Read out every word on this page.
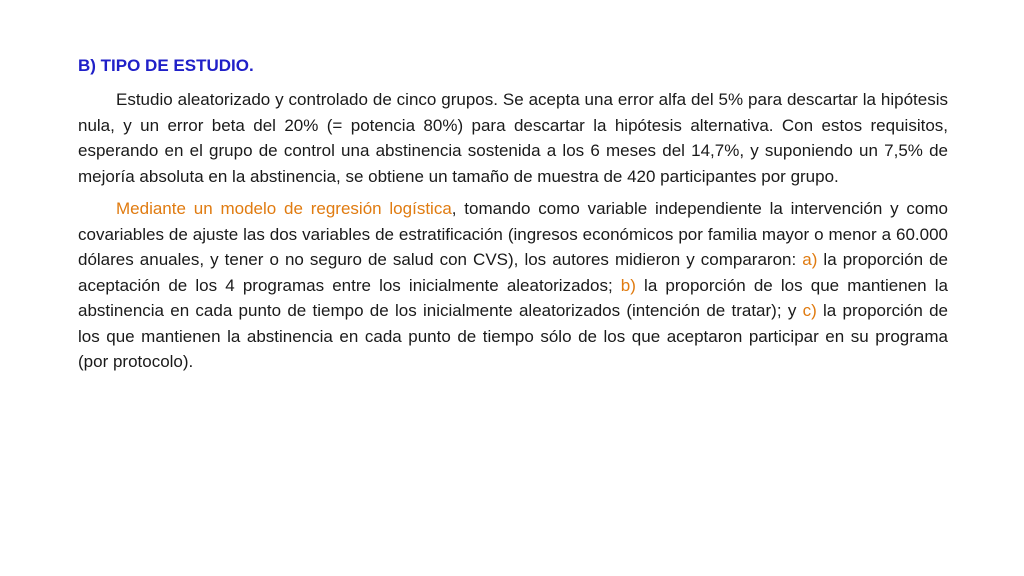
B) TIPO DE ESTUDIO.

Estudio aleatorizado y controlado de cinco grupos. Se acepta una error alfa del 5% para descartar la hipótesis nula, y un error beta del 20% (= potencia 80%) para descartar la hipótesis alternativa. Con estos requisitos, esperando en el grupo de control una abstinencia sostenida a los 6 meses del 14,7%, y suponiendo un 7,5% de mejoría absoluta en la abstinencia, se obtiene un tamaño de muestra de 420 participantes por grupo.

Mediante un modelo de regresión logística, tomando como variable independiente la intervención y como covariables de ajuste las dos variables de estratificación (ingresos económicos por familia mayor o menor a 60.000 dólares anuales, y tener o no seguro de salud con CVS), los autores midieron y compararon: a) la proporción de aceptación de los 4 programas entre los inicialmente aleatorizados; b) la proporción de los que mantienen la abstinencia en cada punto de tiempo de los inicialmente aleatorizados (intención de tratar); y c) la proporción de los que mantienen la abstinencia en cada punto de tiempo sólo de los que aceptaron participar en su programa (por protocolo).
